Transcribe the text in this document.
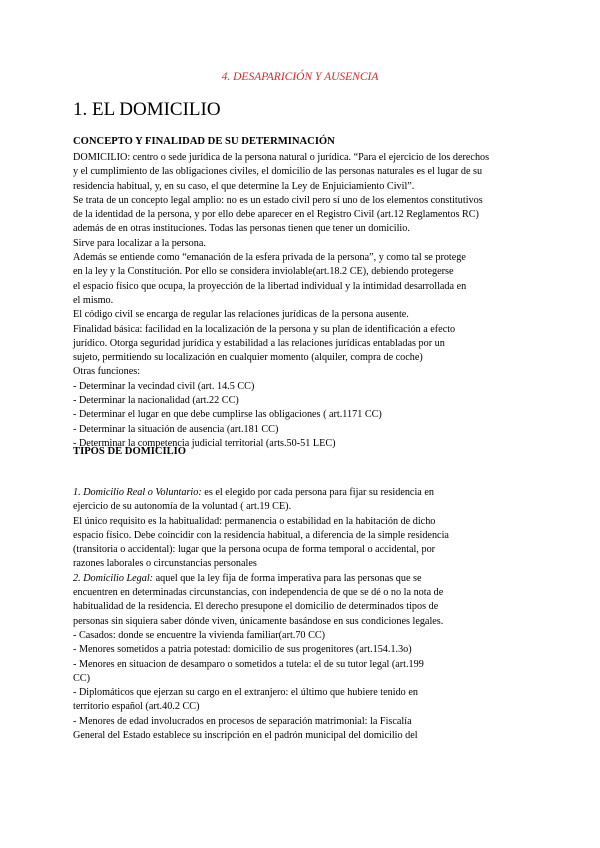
4. DESAPARICIÓN Y AUSENCIA
1. EL DOMICILIO
CONCEPTO Y FINALIDAD DE SU DETERMINACIÓN

DOMICILIO: centro o sede jurídica de la persona natural o jurídica. “Para el ejercicio de los derechos

y el cumplimiento de las obligaciones civiles, el domicilio de las personas naturales es el lugar de su

residencia habitual, y, en su caso, el que determine la Ley de Enjuiciamiento Civil”.

Se trata de un concepto legal amplio: no es un estado civil pero sí uno de los elementos constitutivos

de la identidad de la persona, y por ello debe aparecer en el Registro Civil (art.12 Reglamentos RC)

además de en otras instituciones. Todas las personas tienen que tener un domicilio.

Sirve para localizar a la persona.

Además se entiende como “emanación de la esfera privada de la persona”, y como tal se protege

en la ley y la Constitución. Por ello se considera inviolable(art.18.2 CE), debiendo protegerse

el espacio físico que ocupa, la proyección de la libertad individual y la intimidad desarrollada en

el mismo.

El código civil se encarga de regular las relaciones jurídicas de la persona ausente.

Finalidad básica: facilidad en la localización de la persona y su plan de identificación a efecto

jurídico. Otorga seguridad jurídica y estabilidad a las relaciones jurídicas entabladas por un

sujeto, permitiendo su localización en cualquier momento (alquiler, compra de coche)

Otras funciones:

- Determinar la vecindad civil (art. 14.5 CC)

- Determinar la nacionalidad (art.22 CC)

- Determinar el lugar en que debe cumplirse las obligaciones ( art.1171 CC)

- Determinar la situación de ausencia (art.181 CC)

- Determinar la competencia judicial territorial (arts.50-51 LEC)

TIPOS DE DOMICILIO

1. Domicilio Real o Voluntario: es el elegido por cada persona para fijar su residencia en

ejercicio de su autonomía de la voluntad ( art.19 CE).

El único requisito es la habitualidad: permanencia o estabilidad en la habitación de dicho

espacio físico. Debe coincidir con la residencia habitual, a diferencia de la simple residencia

(transitoria o accidental): lugar que la persona ocupa de forma temporal o accidental, por

razones laborales o circunstancias personales

2. Domicilio Legal: aquel que la ley fija de forma imperativa para las personas que se

encuentren en determinadas circunstancias, con independencia de que se dé o no la nota de

habitualidad de la residencia. El derecho presupone el domicilio de determinados tipos de

personas sin siquiera saber dónde viven, únicamente basándose en sus condiciones legales.

- Casados: donde se encuentre la vivienda familiar(art.70 CC)

- Menores sometidos a patria potestad: domicilio de sus progenitores (art.154.1.3o)

- Menores en situacion de desamparo o sometidos a tutela: el de su tutor legal (art.199

CC)

- Diplomáticos que ejerzan su cargo en el extranjero: el último que hubiere tenido en

territorio español (art.40.2 CC)

- Menores de edad involucrados en procesos de separación matrimonial: la Fiscalía

General del Estado establece su inscripción en el padrón municipal del domicilio del
